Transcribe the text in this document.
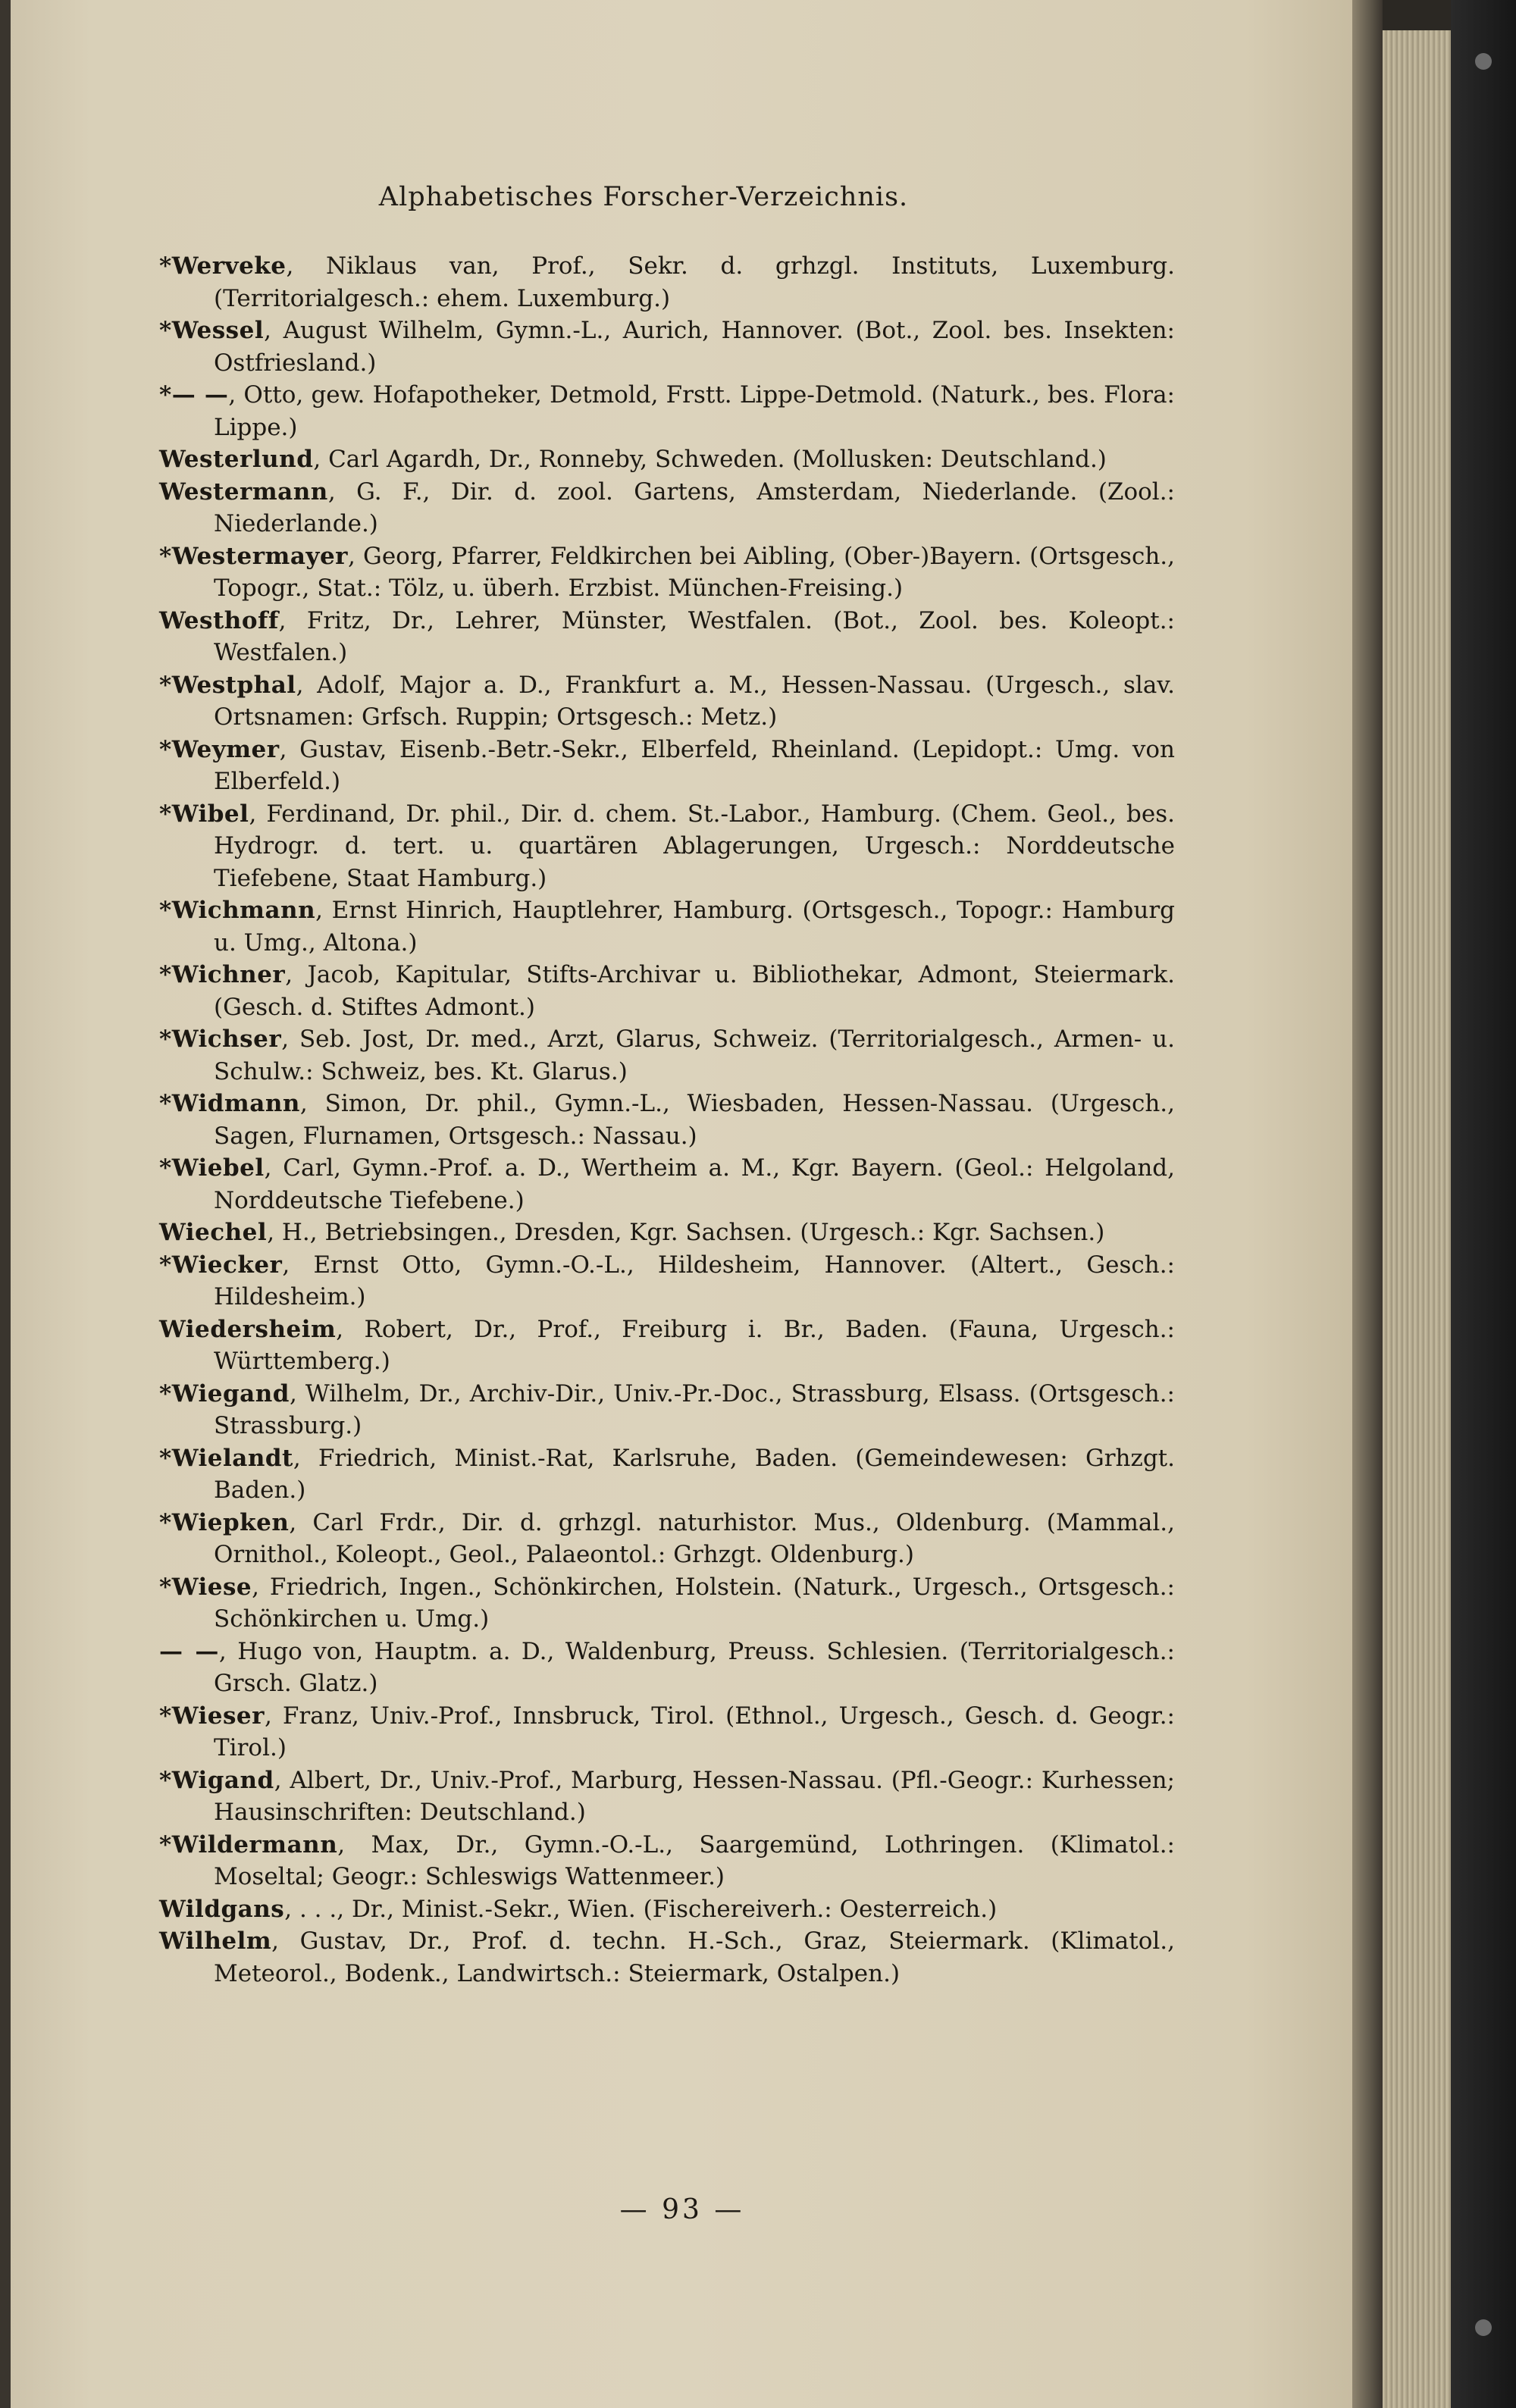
Alphabetisches Forscher-Verzeichnis.

*Werveke, Niklaus van, Prof., Sekr. d. grhzgl. Instituts, Luxemburg. (Territorialgesch.: ehem. Luxemburg.)

*Wessel, August Wilhelm, Gymn.-L., Aurich, Hannover. (Bot., Zool. bes. Insekten: Ostfriesland.)

*— —, Otto, gew. Hofapotheker, Detmold, Frstt. Lippe-Detmold. (Naturk., bes. Flora: Lippe.)

Westerlund, Carl Agardh, Dr., Ronneby, Schweden. (Mollusken: Deutschland.)

Westermann, G. F., Dir. d. zool. Gartens, Amsterdam, Niederlande. (Zool.: Niederlande.)

*Westermayer, Georg, Pfarrer, Feldkirchen bei Aibling, (Ober-)Bayern. (Ortsgesch., Topogr., Stat.: Tölz, u. überh. Erzbist. München-Freising.)

Westhoff, Fritz, Dr., Lehrer, Münster, Westfalen. (Bot., Zool. bes. Koleopt.: Westfalen.)

*Westphal, Adolf, Major a. D., Frankfurt a. M., Hessen-Nassau. (Urgesch., slav. Ortsnamen: Grfsch. Ruppin; Ortsgesch.: Metz.)

*Weymer, Gustav, Eisenb.-Betr.-Sekr., Elberfeld, Rheinland. (Lepidopt.: Umg. von Elberfeld.)

*Wibel, Ferdinand, Dr. phil., Dir. d. chem. St.-Labor., Hamburg. (Chem. Geol., bes. Hydrogr. d. tert. u. quartären Ablagerungen, Urgesch.: Norddeutsche Tiefebene, Staat Hamburg.)

*Wichmann, Ernst Hinrich, Hauptlehrer, Hamburg. (Ortsgesch., Topogr.: Hamburg u. Umg., Altona.)

*Wichner, Jacob, Kapitular, Stifts-Archivar u. Bibliothekar, Admont, Steiermark. (Gesch. d. Stiftes Admont.)

*Wichser, Seb. Jost, Dr. med., Arzt, Glarus, Schweiz. (Territorialgesch., Armen- u. Schulw.: Schweiz, bes. Kt. Glarus.)

*Widmann, Simon, Dr. phil., Gymn.-L., Wiesbaden, Hessen-Nassau. (Urgesch., Sagen, Flurnamen, Ortsgesch.: Nassau.)

*Wiebel, Carl, Gymn.-Prof. a. D., Wertheim a. M., Kgr. Bayern. (Geol.: Helgoland, Norddeutsche Tiefebene.)

Wiechel, H., Betriebsingen., Dresden, Kgr. Sachsen. (Urgesch.: Kgr. Sachsen.)

*Wiecker, Ernst Otto, Gymn.-O.-L., Hildesheim, Hannover. (Altert., Gesch.: Hildesheim.)

Wiedersheim, Robert, Dr., Prof., Freiburg i. Br., Baden. (Fauna, Urgesch.: Württemberg.)

*Wiegand, Wilhelm, Dr., Archiv-Dir., Univ.-Pr.-Doc., Strassburg, Elsass. (Ortsgesch.: Strassburg.)

*Wielandt, Friedrich, Minist.-Rat, Karlsruhe, Baden. (Gemeindewesen: Grhzgt. Baden.)

*Wiepken, Carl Frdr., Dir. d. grhzgl. naturhistor. Mus., Oldenburg. (Mammal., Ornithol., Koleopt., Geol., Palaeontol.: Grhzgt. Oldenburg.)

*Wiese, Friedrich, Ingen., Schönkirchen, Holstein. (Naturk., Urgesch., Ortsgesch.: Schönkirchen u. Umg.)

— —, Hugo von, Hauptm. a. D., Waldenburg, Preuss. Schlesien. (Territorialgesch.: Grsch. Glatz.)

*Wieser, Franz, Univ.-Prof., Innsbruck, Tirol. (Ethnol., Urgesch., Gesch. d. Geogr.: Tirol.)

*Wigand, Albert, Dr., Univ.-Prof., Marburg, Hessen-Nassau. (Pfl.-Geogr.: Kurhessen; Hausinschriften: Deutschland.)

*Wildermann, Max, Dr., Gymn.-O.-L., Saargemünd, Lothringen. (Klimatol.: Moseltal; Geogr.: Schleswigs Wattenmeer.)

Wildgans, . . ., Dr., Minist.-Sekr., Wien. (Fischereiverh.: Oesterreich.)

Wilhelm, Gustav, Dr., Prof. d. techn. H.-Sch., Graz, Steiermark. (Klimatol., Meteorol., Bodenk., Landwirtsch.: Steiermark, Ostalpen.)

— 93 —
